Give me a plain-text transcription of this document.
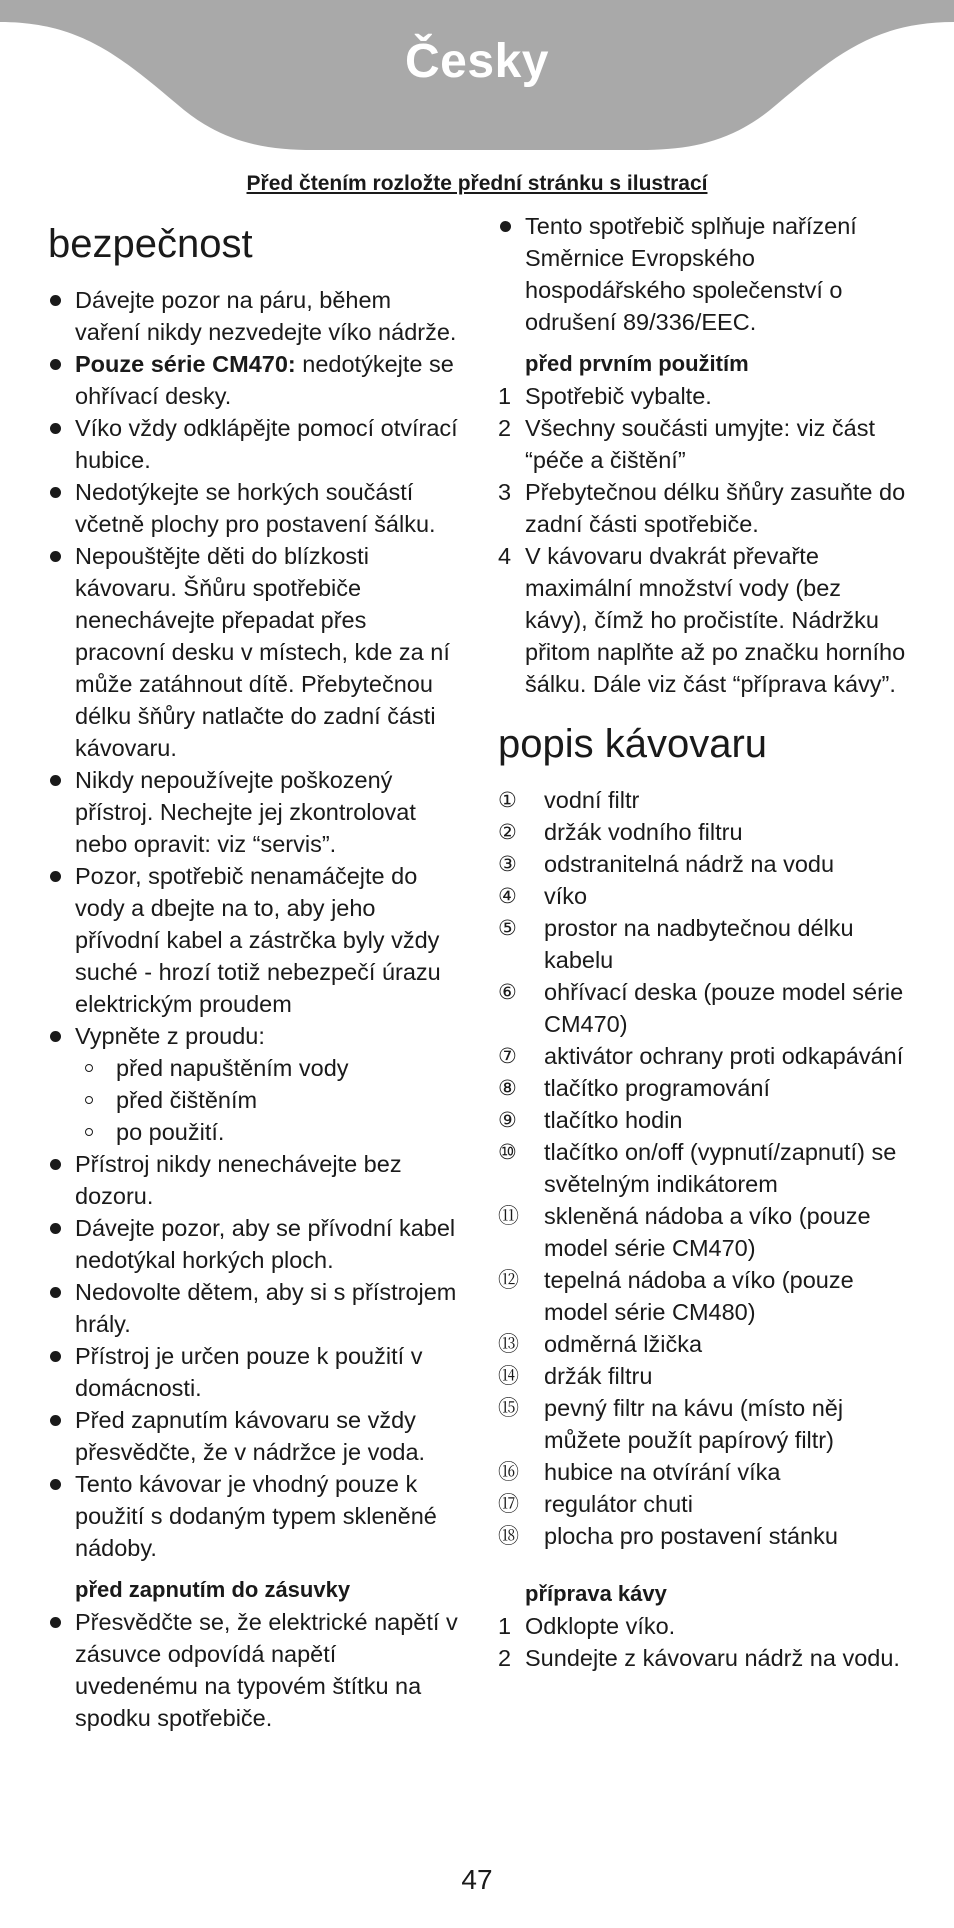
Česky
Před čtením rozložte přední stránku s ilustrací
bezpečnost
Dávejte pozor na páru, během vaření nikdy nezvedejte víko nádrže.
Pouze série CM470: nedotýkejte se ohřívací desky.
Víko vždy odklápějte pomocí otvírací hubice.
Nedotýkejte se horkých součástí včetně plochy pro postavení šálku.
Nepouštějte děti do blízkosti kávovaru. Šňůru spotřebiče nenechávejte přepadat přes pracovní desku v místech, kde za ní může zatáhnout dítě. Přebytečnou délku šňůry natlačte do zadní části kávovaru.
Nikdy nepoužívejte poškozený přístroj. Nechejte jej zkontrolovat nebo opravit: viz “servis”.
Pozor, spotřebič nenamáčejte do vody a dbejte na to, aby jeho přívodní kabel a zástrčka byly vždy suché - hrozí totiž nebezpečí úrazu elektrickým proudem
Vypněte z proudu:
před napuštěním vody
před čištěním
po použití.
Přístroj nikdy nenechávejte bez dozoru.
Dávejte pozor, aby se přívodní kabel nedotýkal horkých ploch.
Nedovolte dětem, aby si s přístrojem hrály.
Přístroj je určen pouze k použití v domácnosti.
Před zapnutím kávovaru se vždy přesvědčte, že v nádržce je voda.
Tento kávovar je vhodný pouze k použití s dodaným typem skleněné nádoby.
před zapnutím do zásuvky
Přesvědčte se, že elektrické napětí v zásuvce odpovídá napětí uvedenému na typovém štítku na spodku spotřebiče.
Tento spotřebič splňuje nařízení Směrnice Evropského hospodářského společenství o odrušení 89/336/EEC.
před prvním použitím
1 Spotřebič vybalte.
2 Všechny součásti umyjte: viz část “péče a čištění”
3 Přebytečnou délku šňůry zasuňte do zadní části spotřebiče.
4 V kávovaru dvakrát převařte maximální množství vody (bez kávy), čímž ho pročistíte. Nádržku přitom naplňte až po značku horního šálku. Dále viz část “příprava kávy”.
popis kávovaru
①	vodní filtr
②	držák vodního filtru
③	odstranitelná nádrž na vodu
④	víko
⑤	prostor na nadbytečnou délku kabelu
⑥	ohřívací deska (pouze model série CM470)
⑦	aktivátor ochrany proti odkapávání
⑧	tlačítko programování
⑨	tlačítko hodin
⑩	tlačítko on/off (vypnutí/zapnutí) se světelným indikátorem
⑪	skleněná nádoba a víko (pouze model série CM470)
⑫	tepelná nádoba a víko (pouze model série CM480)
⑬	odměrná lžička
⑭	držák filtru
⑮	pevný filtr na kávu (místo něj můžete použít papírový filtr)
⑯	hubice na otvírání víka
⑰	regulátor chuti
⑱	plocha pro postavení stánku
příprava kávy
1 Odklopte víko.
2 Sundejte z kávovaru nádrž na vodu.
47
